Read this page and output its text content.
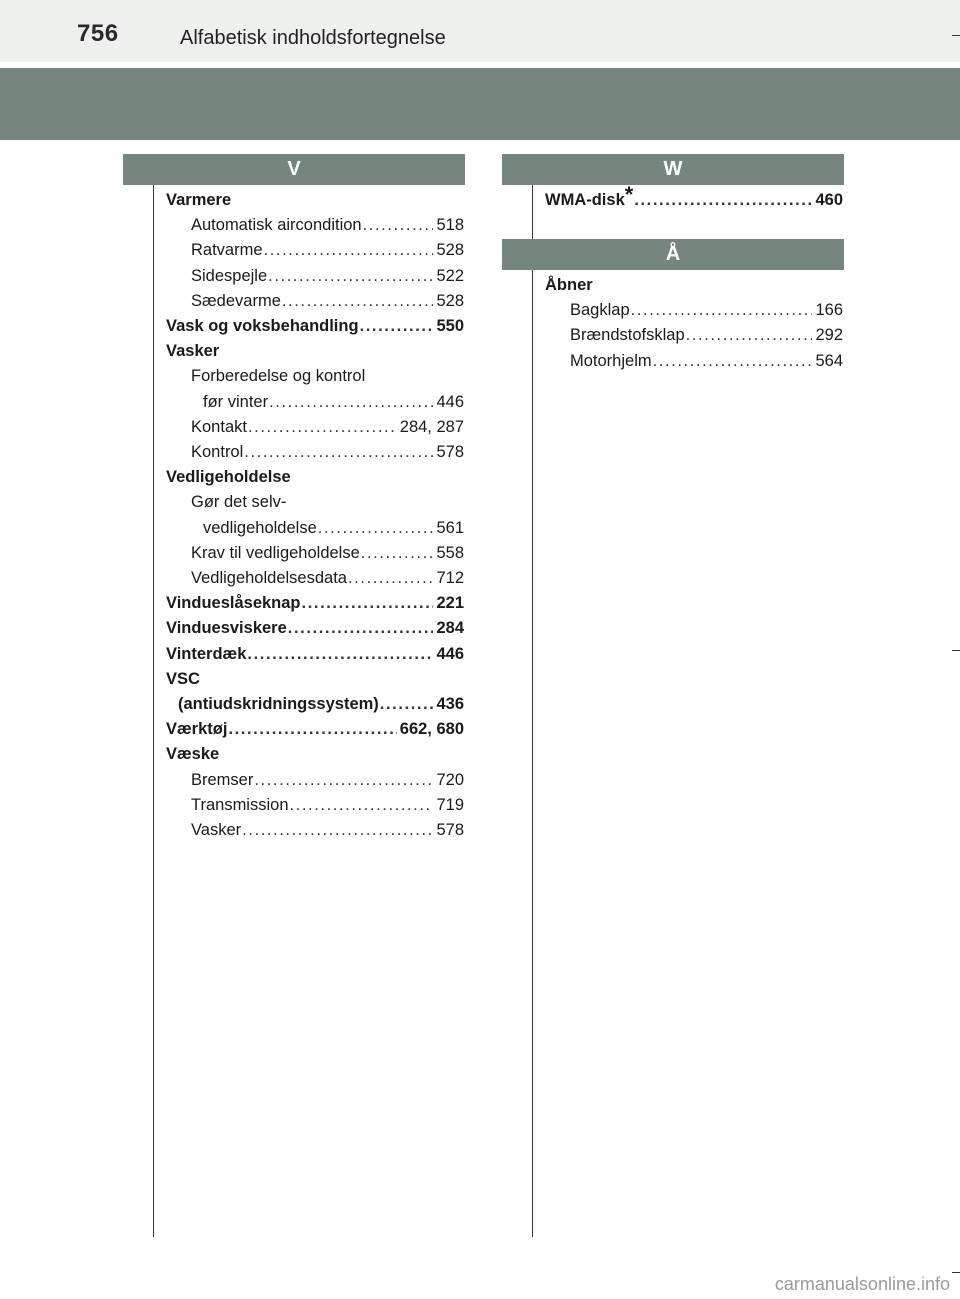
756	Alfabetisk indholdsfortegnelse
V
Varmere
Automatisk aircondition .....	518
Ratvarme .....	528
Sidespejle .....	522
Sædevarme .....	528
Vask og voksbehandling .....	550
Vasker
Forberedelse og kontrol
før vinter .....	446
Kontakt .....	284, 287
Kontrol .....	578
Vedligeholdelse
Gør det selv-
vedligeholdelse .....	561
Krav til vedligeholdelse .....	558
Vedligeholdelsesdata .....	712
Vindueslåseknap .....	221
Vinduesviskere .....	284
Vinterdæk .....	446
VSC
(antiudskridningssystem) .....	436
Værktøj .....	662, 680
Væske
Bremser .....	720
Transmission .....	719
Vasker .....	578
W
WMA-disk* .....	460
Å
Åbner
Bagklap .....	166
Brændstofsklap .....	292
Motorhjelm .....	564
carmanualsonline.info
